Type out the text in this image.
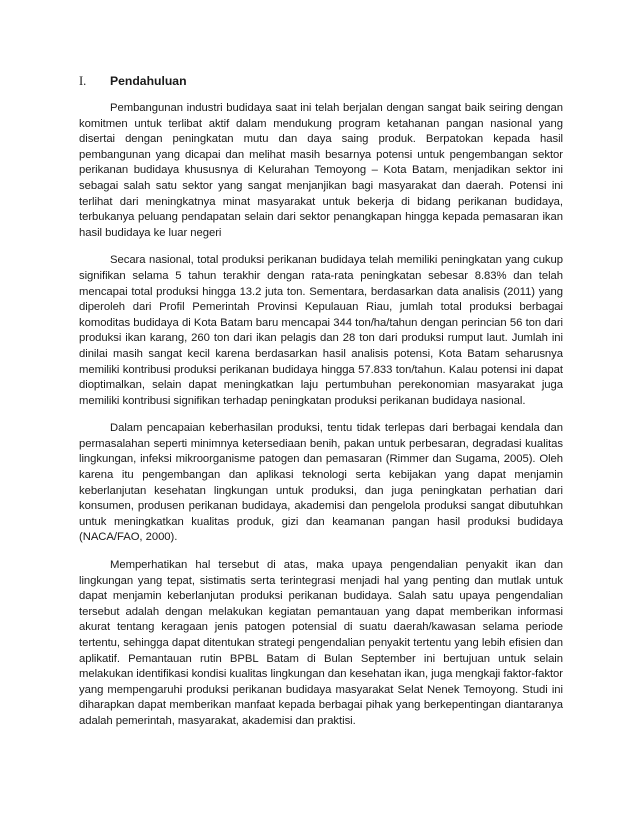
I.	Pendahuluan

Pembangunan industri budidaya saat ini telah berjalan dengan sangat baik seiring dengan komitmen untuk terlibat aktif dalam mendukung program ketahanan pangan nasional yang disertai dengan peningkatan mutu dan daya saing produk. Berpatokan kepada hasil pembangunan yang dicapai dan melihat masih besarnya potensi untuk pengembangan sektor perikanan budidaya khususnya di Kelurahan Temoyong – Kota Batam, menjadikan sektor ini sebagai salah satu sektor yang sangat menjanjikan bagi masyarakat dan daerah. Potensi ini terlihat dari meningkatnya minat masyarakat untuk bekerja di bidang perikanan budidaya, terbukanya peluang pendapatan selain dari sektor penangkapan hingga kepada pemasaran ikan hasil budidaya ke luar negeri

Secara nasional, total produksi perikanan budidaya telah memiliki peningkatan yang cukup signifikan selama 5 tahun terakhir dengan rata-rata peningkatan sebesar 8.83% dan telah mencapai total produksi hingga 13.2 juta ton. Sementara, berdasarkan data analisis (2011) yang diperoleh dari Profil Pemerintah Provinsi Kepulauan Riau, jumlah total produksi berbagai komoditas budidaya di Kota Batam baru mencapai 344 ton/ha/tahun dengan perincian 56 ton dari produksi ikan karang, 260 ton dari ikan pelagis dan 28 ton dari produksi rumput laut. Jumlah ini dinilai masih sangat kecil karena berdasarkan hasil analisis potensi, Kota Batam seharusnya memiliki kontribusi produksi perikanan budidaya hingga 57.833 ton/tahun. Kalau potensi ini dapat dioptimalkan, selain dapat meningkatkan laju pertumbuhan perekonomian masyarakat juga memiliki kontribusi signifikan terhadap peningkatan produksi perikanan budidaya nasional.

Dalam pencapaian keberhasilan produksi, tentu tidak terlepas dari berbagai kendala dan permasalahan seperti minimnya ketersediaan benih, pakan untuk perbesaran, degradasi kualitas lingkungan, infeksi mikroorganisme patogen dan pemasaran (Rimmer dan Sugama, 2005). Oleh karena itu pengembangan dan aplikasi teknologi serta kebijakan yang dapat menjamin keberlanjutan kesehatan lingkungan untuk produksi, dan juga peningkatan perhatian dari konsumen, produsen perikanan budidaya, akademisi dan pengelola produksi sangat dibutuhkan untuk meningkatkan kualitas produk, gizi dan keamanan pangan hasil produksi budidaya (NACA/FAO, 2000).

Memperhatikan hal tersebut di atas, maka upaya pengendalian penyakit ikan dan lingkungan yang tepat, sistimatis serta terintegrasi menjadi hal yang penting dan mutlak untuk dapat menjamin keberlanjutan produksi perikanan budidaya. Salah satu upaya pengendalian tersebut adalah dengan melakukan kegiatan pemantauan yang dapat memberikan informasi akurat tentang keragaan jenis patogen potensial di suatu daerah/kawasan selama periode tertentu, sehingga dapat ditentukan strategi pengendalian penyakit tertentu yang lebih efisien dan aplikatif. Pemantauan rutin BPBL Batam di Bulan September ini bertujuan untuk selain melakukan identifikasi kondisi kualitas lingkungan dan kesehatan ikan, juga mengkaji faktor-faktor yang mempengaruhi produksi perikanan budidaya masyarakat Selat Nenek Temoyong. Studi ini diharapkan dapat memberikan manfaat kepada berbagai pihak yang berkepentingan diantaranya adalah pemerintah, masyarakat, akademisi dan praktisi.
